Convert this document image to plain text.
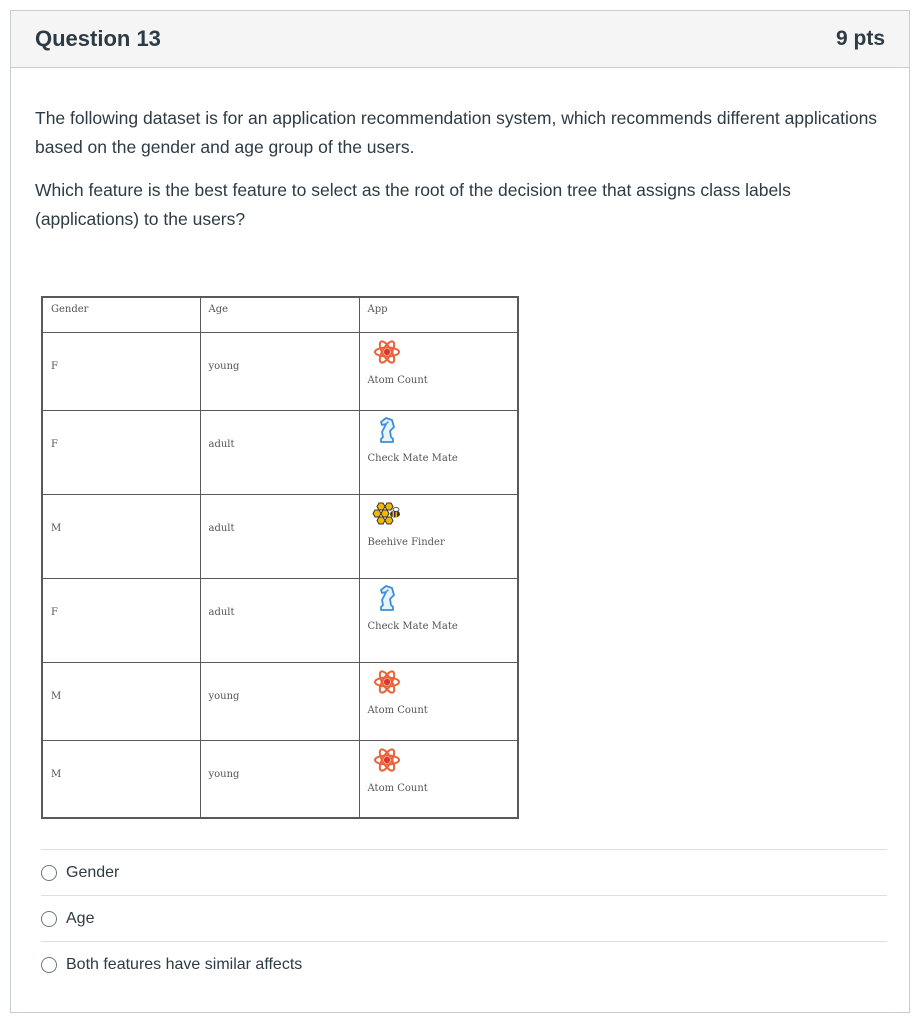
Question 13	9 pts

The following dataset is for an application recommendation system, which recommends different applications based on the gender and age group of the users.

Which feature is the best feature to select as the root of the decision tree that assigns class labels (applications) to the users?

Gender	Age	App
F	young	Atom Count

F	adult	Check Mate Mate

M	adult	Beehive Finder

F	adult	Check Mate Mate

M	young	Atom Count

M	young	Atom Count
Gender
Age
Both features have similar affects
